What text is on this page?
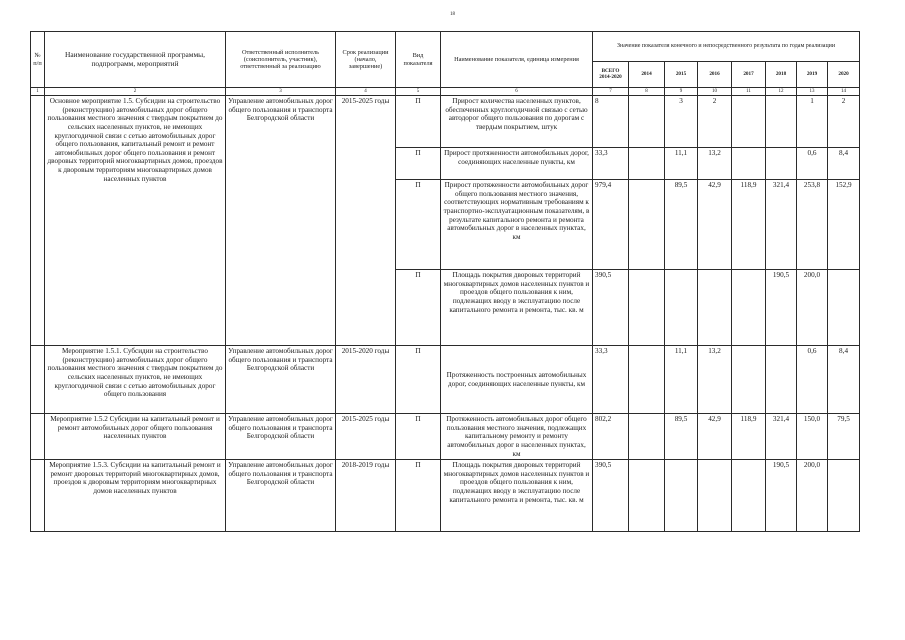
18
№ п/п	Наименование государственной программы, подпрограмм, мероприятий	Ответственный исполнитель (соисполнитель, участник), ответственный за реализацию	Срок реализации (начало, завершение)	Вид показателя	Наименование показателя, единица измерения	Значение показателя конечного и непосредственного результата по годам реализации							
						ВСЕГО 2014-2020	2014	2015	2016	2017	2018	2019	2020
1	2	3	4	5	6	7	8	9	10	11	12	13	14
	Основное мероприятие 1.5. Субсидии на строительство (реконструкцию) автомобильных дорог общего пользования местного значения с твердым покрытием до сельских населенных пунктов, не имеющих круглогодичной связи с сетью автомобильных дорог общего пользования, капитальный ремонт и ремонт автомобильных дорог общего пользования и ремонт дворовых территорий многоквартирных домов, проездов к дворовым территориям многоквартирных домов населенных пунктов	Управление автомобильных дорог общего пользования и транспорта Белгородской области	2015-2025 годы	П	Прирост количества населенных пунктов, обеспеченных круглогодичной связью с сетью автодорог общего пользования по дорогам с твердым покрытием, штук	8		3	2			1	2
				П	Прирост протяженности автомобильных дорог, соединяющих населенные пункты, км	33,3		11,1	13,2			0,6	8,4
				П	Прирост протяженности автомобильных дорог общего пользования местного значения, соответствующих нормативным требованиям к транспортно-эксплуатационным показателям, в результате капитального ремонта и ремонта автомобильных дорог в населенных пунктах, км	979,4		89,5	42,9	118,9	321,4	253,8	152,9
				П	Площадь покрытия дворовых территорий многоквартирных домов населенных пунктов и проездов общего пользования к ним, подлежащих вводу в эксплуатацию после капитального ремонта и ремонта, тыс. кв. м	390,5					190,5	200,0	
	Мероприятие 1.5.1. Субсидии на строительство (реконструкцию) автомобильных дорог общего пользования местного значения с твердым покрытием до сельских населенных пунктов, не имеющих круглогодичной связи с сетью автомобильных дорог общего пользования	Управление автомобильных дорог общего пользования и транспорта Белгородской области	2015-2020 годы	П	Протяженность построенных автомобильных дорог, соединяющих населенные пункты, км	33,3		11,1	13,2			0,6	8,4
	Мероприятие 1.5.2 Субсидии на капитальный ремонт и ремонт автомобильных дорог общего пользования населенных пунктов	Управление автомобильных дорог общего пользования и транспорта Белгородской области	2015-2025 годы	П	Протяженность автомобильных дорог общего пользования местного значения, подлежащих капитальному ремонту и ремонту автомобильных дорог в населенных пунктах, км	802,2		89,5	42,9	118,9	321,4	150,0	79,5
	Мероприятие 1.5.3. Субсидии на капитальный ремонт и ремонт дворовых территорий многоквартирных домов, проездов к дворовым территориям многоквартирных домов населенных пунктов	Управление автомобильных дорог общего пользования и транспорта Белгородской области	2018-2019 годы	П	Площадь покрытия дворовых территорий многоквартирных домов населенных пунктов и проездов общего пользования к ним, подлежащих вводу в эксплуатацию после капитального ремонта и ремонта, тыс. кв. м	390,5					190,5	200,0	
